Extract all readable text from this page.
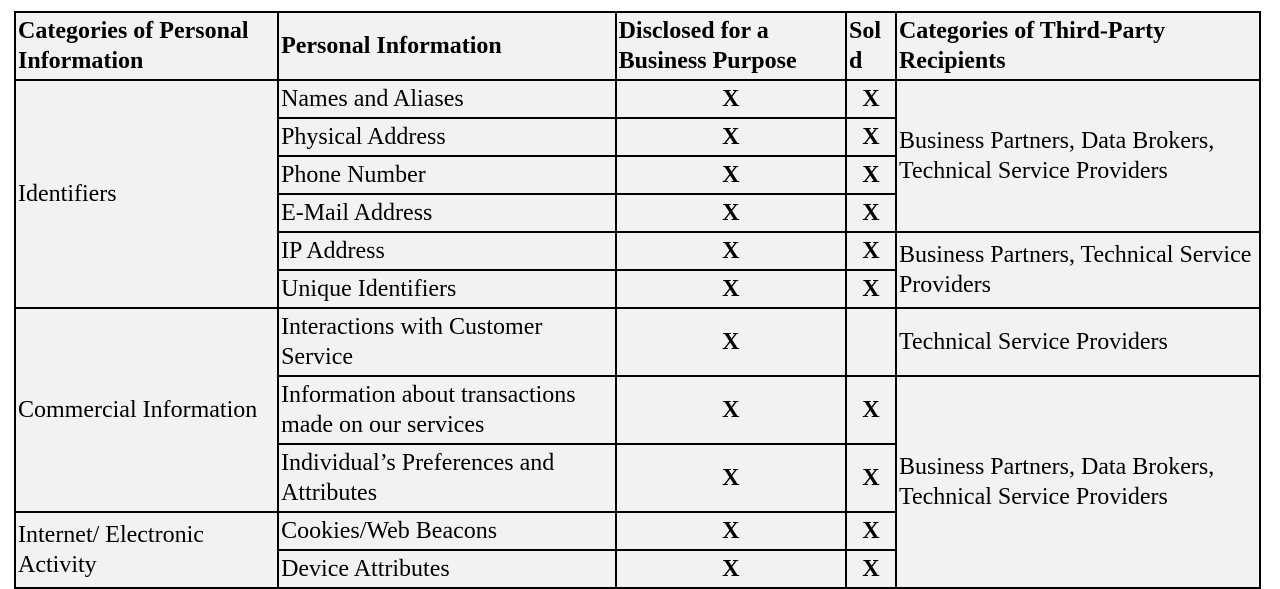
Categories of Personal Information	Personal Information	Disclosed for a Business Purpose	Sold	Categories of Third-Party Recipients
Identifiers	Names and Aliases	X	X	Business Partners, Data Brokers, Technical Service Providers
	Physical Address	X	X	
	Phone Number	X	X	
	E-Mail Address	X	X	
	IP Address	X	X	Business Partners, Technical Service Providers
	Unique Identifiers	X	X	
Commercial Information	Interactions with Customer Service	X		Technical Service Providers
	Information about transactions made on our services	X	X	Business Partners, Data Brokers, Technical Service Providers
	Individual’s Preferences and Attributes	X	X	
Internet/ Electronic Activity	Cookies/Web Beacons	X	X	
	Device Attributes	X	X	
